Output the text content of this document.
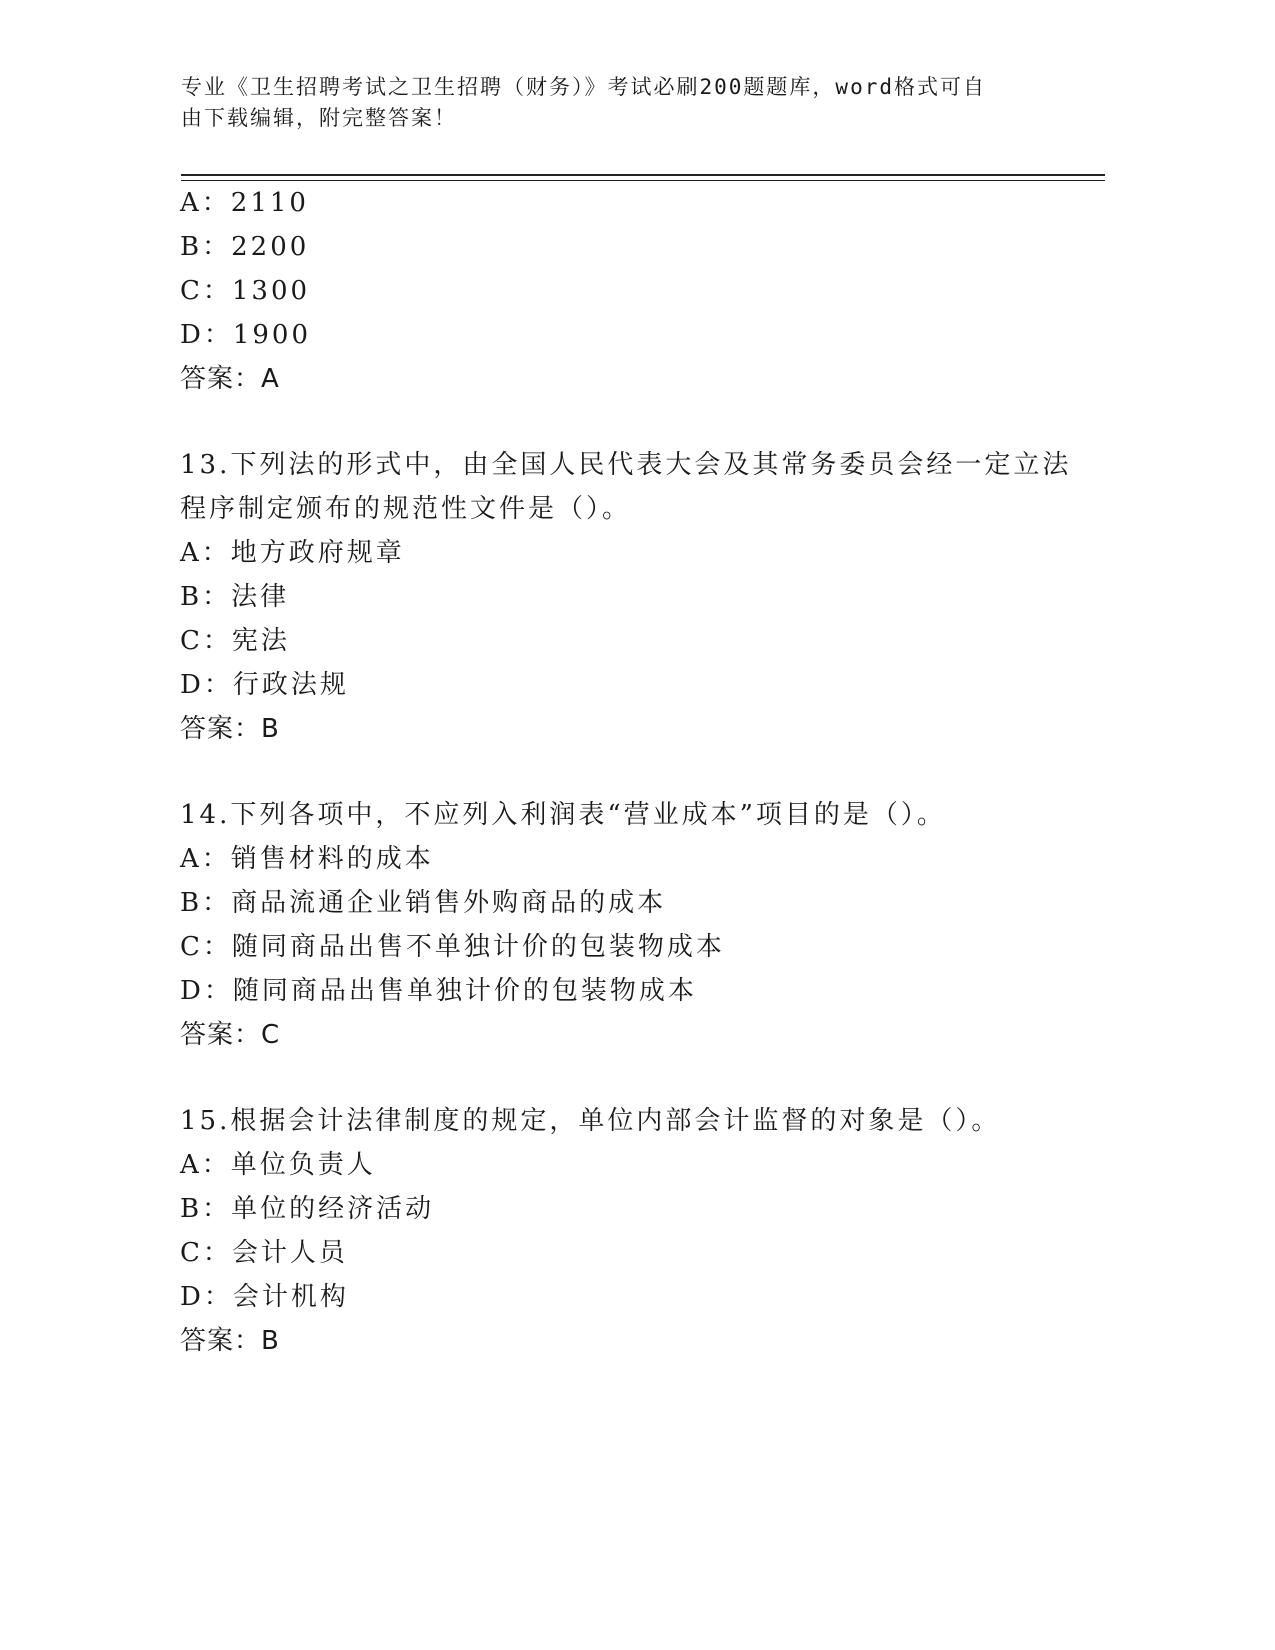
专业《卫生招聘考试之卫生招聘（财务）》考试必刷200题题库，word格式可自
由下载编辑，附完整答案！
A：2110
B：2200
C：1300
D：1900
答案：A
13.下列法的形式中，由全国人民代表大会及其常务委员会经一定立法
程序制定颁布的规范性文件是（）。
A：地方政府规章
B：法律
C：宪法
D：行政法规
答案：B
14.下列各项中，不应列入利润表“营业成本”项目的是（）。
A：销售材料的成本
B：商品流通企业销售外购商品的成本
C：随同商品出售不单独计价的包装物成本
D：随同商品出售单独计价的包装物成本
答案：C
15.根据会计法律制度的规定，单位内部会计监督的对象是（）。
A：单位负责人
B：单位的经济活动
C：会计人员
D：会计机构
答案：B
